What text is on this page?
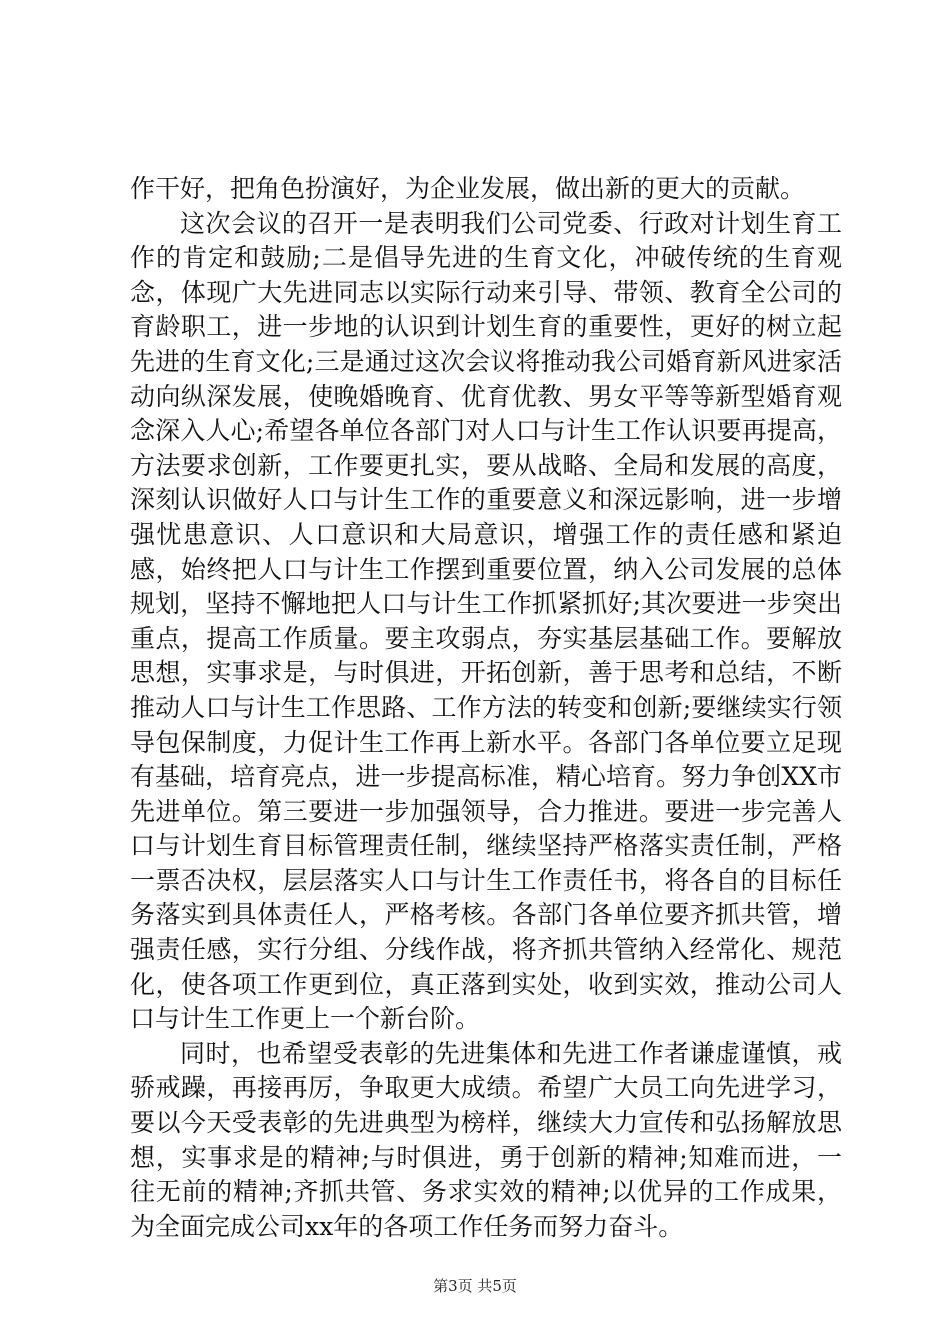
作干好，把角色扮演好，为企业发展，做出新的更大的贡献。

这次会议的召开一是表明我们公司党委、行政对计划生育工作的肯定和鼓励;二是倡导先进的生育文化，冲破传统的生育观念，体现广大先进同志以实际行动来引导、带领、教育全公司的育龄职工，进一步地的认识到计划生育的重要性，更好的树立起先进的生育文化;三是通过这次会议将推动我公司婚育新风进家活动向纵深发展，使晚婚晚育、优育优教、男女平等等新型婚育观念深入人心;希望各单位各部门对人口与计生工作认识要再提高，方法要求创新，工作要更扎实，要从战略、全局和发展的高度，深刻认识做好人口与计生工作的重要意义和深远影响，进一步增强忧患意识、人口意识和大局意识，增强工作的责任感和紧迫感，始终把人口与计生工作摆到重要位置，纳入公司发展的总体规划，坚持不懈地把人口与计生工作抓紧抓好;其次要进一步突出重点，提高工作质量。要主攻弱点，夯实基层基础工作。要解放思想，实事求是，与时俱进，开拓创新，善于思考和总结，不断推动人口与计生工作思路、工作方法的转变和创新;要继续实行领导包保制度，力促计生工作再上新水平。各部门各单位要立足现有基础，培育亮点，进一步提高标准，精心培育。努力争创XX市先进单位。第三要进一步加强领导，合力推进。要进一步完善人口与计划生育目标管理责任制，继续坚持严格落实责任制，严格一票否决权，层层落实人口与计生工作责任书，将各自的目标任务落实到具体责任人，严格考核。各部门各单位要齐抓共管，增强责任感，实行分组、分线作战，将齐抓共管纳入经常化、规范化，使各项工作更到位，真正落到实处，收到实效，推动公司人口与计生工作更上一个新台阶。

同时，也希望受表彰的先进集体和先进工作者谦虚谨慎，戒骄戒躁，再接再厉，争取更大成绩。希望广大员工向先进学习，要以今天受表彰的先进典型为榜样，继续大力宣传和弘扬解放思想，实事求是的精神;与时俱进，勇于创新的精神;知难而进，一往无前的精神;齐抓共管、务求实效的精神;以优异的工作成果，为全面完成公司xx年的各项工作任务而努力奋斗。

第3页 共5页
